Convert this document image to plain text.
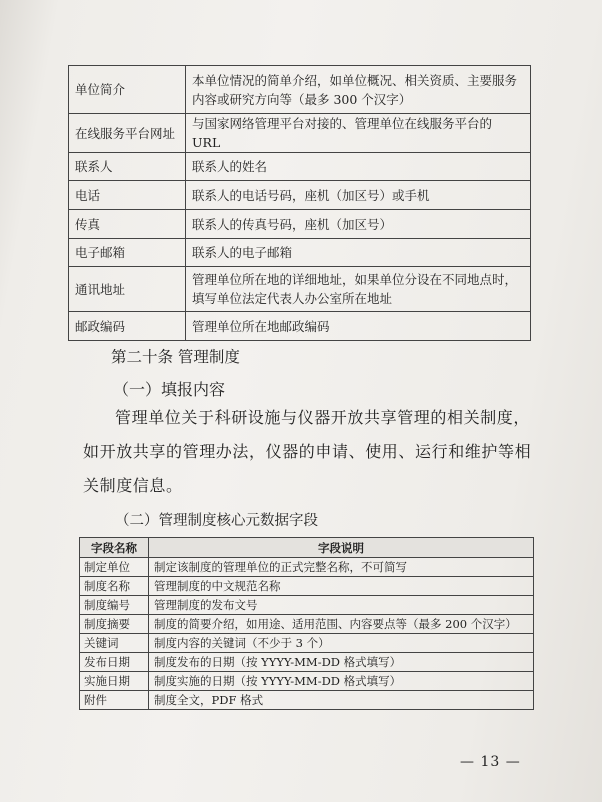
单位简介	本单位情况的简单介绍，如单位概况、相关资质、主要服务内容或研究方向等（最多 300 个汉字）
在线服务平台网址	与国家网络管理平台对接的、管理单位在线服务平台的 URL
联系人	联系人的姓名
电话	联系人的电话号码，座机（加区号）或手机
传真	联系人的传真号码，座机（加区号）
电子邮箱	联系人的电子邮箱
通讯地址	管理单位所在地的详细地址，如果单位分设在不同地点时，填写单位法定代表人办公室所在地址
邮政编码	管理单位所在地邮政编码
第二十条 管理制度
（一）填报内容
管理单位关于科研设施与仪器开放共享管理的相关制度，如开放共享的管理办法，仪器的申请、使用、运行和维护等相关制度信息。
（二）管理制度核心元数据字段
字段名称	字段说明
制定单位	制定该制度的管理单位的正式完整名称，不可简写
制度名称	管理制度的中文规范名称
制度编号	管理制度的发布文号
制度摘要	制度的简要介绍，如用途、适用范围、内容要点等（最多 200 个汉字）
关键词	制度内容的关键词（不少于 3 个）
发布日期	制度发布的日期（按 YYYY-MM-DD 格式填写）
实施日期	制度实施的日期（按 YYYY-MM-DD 格式填写）
附件	制度全文，PDF 格式
— 13 —
